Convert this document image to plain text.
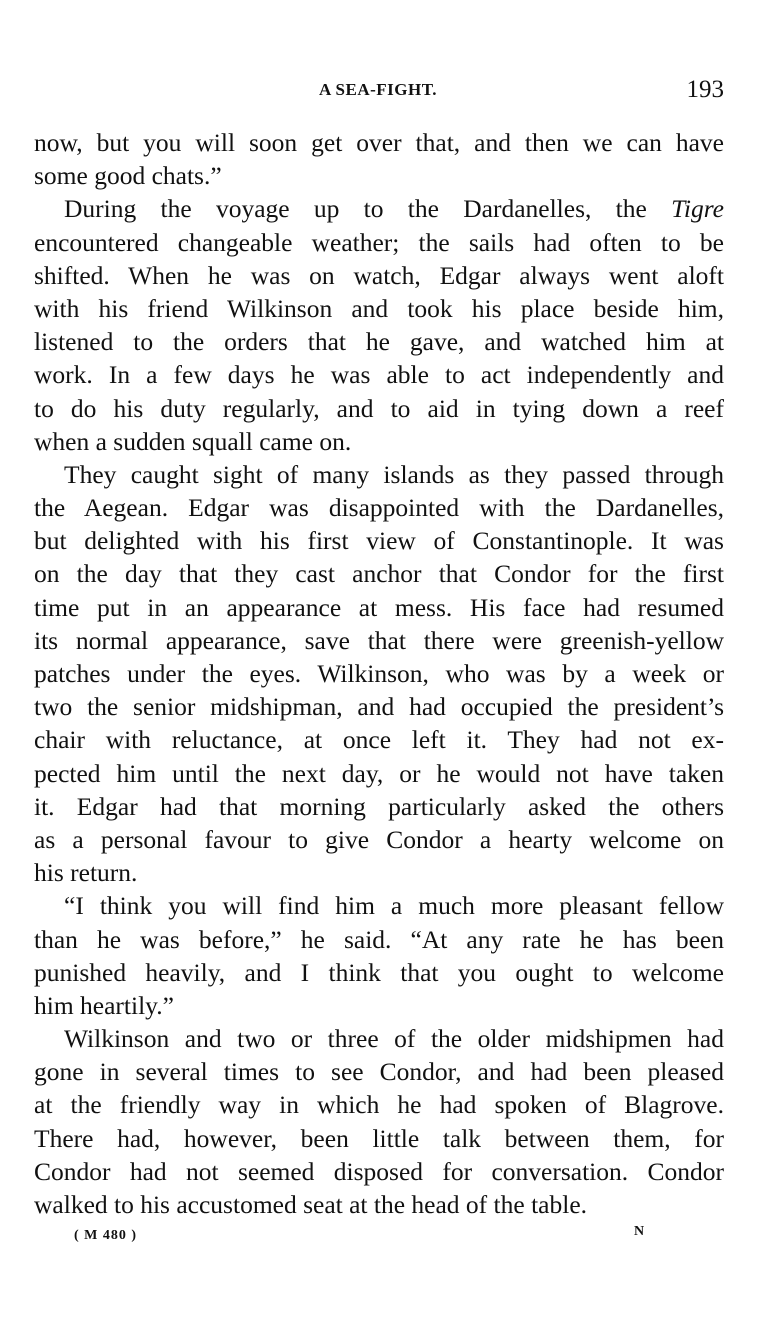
A SEA-FIGHT.	193
now, but you will soon get over that, and then we can have
some good chats.”
During the voyage up to the Dardanelles, the Tigre
encountered changeable weather; the sails had often to be
shifted. When he was on watch, Edgar always went aloft
with his friend Wilkinson and took his place beside him,
listened to the orders that he gave, and watched him at
work. In a few days he was able to act independently and
to do his duty regularly, and to aid in tying down a reef
when a sudden squall came on.
They caught sight of many islands as they passed through
the Aegean. Edgar was disappointed with the Dardanelles,
but delighted with his first view of Constantinople. It was
on the day that they cast anchor that Condor for the first
time put in an appearance at mess. His face had resumed
its normal appearance, save that there were greenish-yellow
patches under the eyes. Wilkinson, who was by a week or
two the senior midshipman, and had occupied the president’s
chair with reluctance, at once left it. They had not ex-
pected him until the next day, or he would not have taken
it. Edgar had that morning particularly asked the others
as a personal favour to give Condor a hearty welcome on
his return.
“I think you will find him a much more pleasant fellow
than he was before,” he said. “At any rate he has been
punished heavily, and I think that you ought to welcome
him heartily.”
Wilkinson and two or three of the older midshipmen had
gone in several times to see Condor, and had been pleased
at the friendly way in which he had spoken of Blagrove.
There had, however, been little talk between them, for
Condor had not seemed disposed for conversation. Condor
walked to his accustomed seat at the head of the table.
( M 480 )	N
